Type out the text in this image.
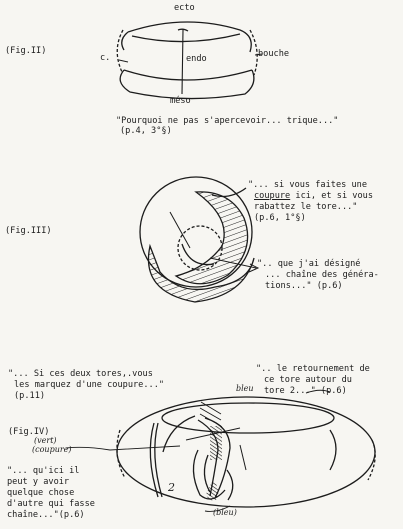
ecto
(Fig.II)
c.	endo	bouche
méso
"Pourquoi ne pas s'apercevoir... trique..."
(p.4, 3°§)
(Fig.III)
"... si vous faites une
coupure ici, et si vous
rabattez le tore..."
(p.6, 1°§)
".. que j'ai désigné
... chaîne des généra-
tions..." (p.6)
"... Si ces deux tores,.vous
les marquez d'une coupure..."
(p.11)
".. le retournement de
ce tore autour du
tore 2..." (p.6)
bleu
(Fig.IV)
(vert)
(coupure)
2
(bleu)
"... qu'ici il
peut y avoir
quelque chose
d'autre qui fasse
chaîne..."(p.6)
